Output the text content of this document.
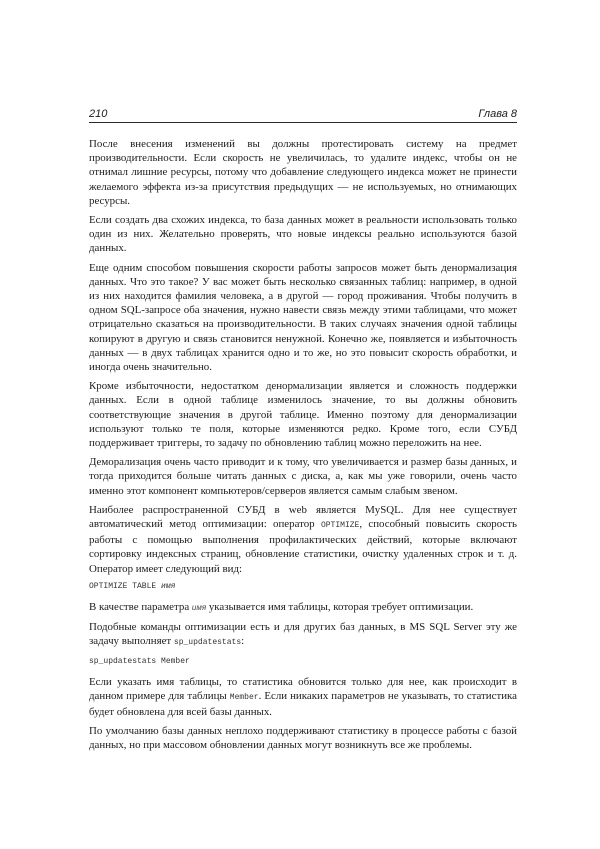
210	Глава 8

После внесения изменений вы должны протестировать систему на предмет производительности. Если скорость не увеличилась, то удалите индекс, чтобы он не отнимал лишние ресурсы, потому что добавление следующего индекса может не принести желаемого эффекта из-за присутствия предыдущих — не используемых, но отнимающих ресурсы.

Если создать два схожих индекса, то база данных может в реальности использовать только один из них. Желательно проверять, что новые индексы реально используются базой данных.

Еще одним способом повышения скорости работы запросов может быть денормализация данных. Что это такое? У вас может быть несколько связанных таблиц: например, в одной из них находится фамилия человека, а в другой — город проживания. Чтобы получить в одном SQL-запросе оба значения, нужно навести связь между этими таблицами, что может отрицательно сказаться на производительности. В таких случаях значения одной таблицы копируют в другую и связь становится ненужной. Конечно же, появляется и избыточность данных — в двух таблицах хранится одно и то же, но это повысит скорость обработки, и иногда очень значительно.

Кроме избыточности, недостатком денормализации является и сложность поддержки данных. Если в одной таблице изменилось значение, то вы должны обновить соответствующие значения в другой таблице. Именно поэтому для денормализации используют только те поля, которые изменяются редко. Кроме того, если СУБД поддерживает триггеры, то задачу по обновлению таблиц можно переложить на нее.

Деморализация очень часто приводит и к тому, что увеличивается и размер базы данных, и тогда приходится больше читать данных с диска, а, как мы уже говорили, очень часто именно этот компонент компьютеров/серверов является самым слабым звеном.

Наиболее распространенной СУБД в web является MySQL. Для нее существует автоматический метод оптимизации: оператор OPTIMIZE, способный повысить скорость работы с помощью выполнения профилактических действий, которые включают сортировку индексных страниц, обновление статистики, очистку удаленных строк и т. д. Оператор имеет следующий вид:

OPTIMIZE TABLE имя

В качестве параметра имя указывается имя таблицы, которая требует оптимизации.

Подобные команды оптимизации есть и для других баз данных, в MS SQL Server эту же задачу выполняет sp_updatestats:

sp_updatestats Member

Если указать имя таблицы, то статистика обновится только для нее, как происходит в данном примере для таблицы Member. Если никаких параметров не указывать, то статистика будет обновлена для всей базы данных.

По умолчанию базы данных неплохо поддерживают статистику в процессе работы с базой данных, но при массовом обновлении данных могут возникнуть все же проблемы.
